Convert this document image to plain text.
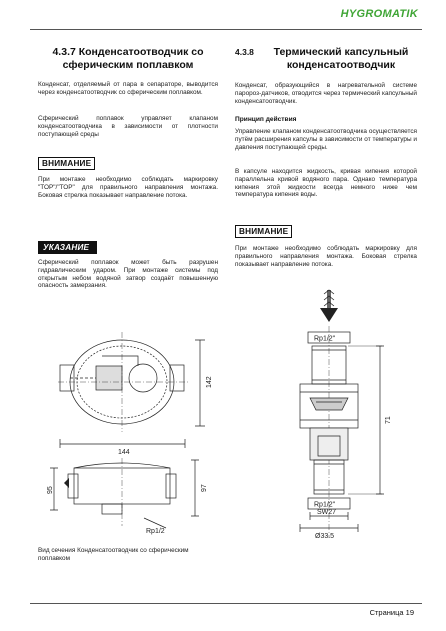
HYGRO MATIK
4.3.7 Конденсатоотводчик со сферическим поплавком
Конденсат, отделяемый от пара в сепараторе, выводится через конденсатоотводчик со сферическим поплавком.
Сферический поплавок управляет клапаном конденсатоотводчика в зависимости от плотности поступающей среды
ВНИМАНИЕ
При монтаже необходимо соблюдать маркировку "TOP"/"ТОР" для правильного направления монтажа. Боковая стрелка показывает направление потока.
УКАЗАНИЕ
Сферический поплавок может быть разрушен гидравлическим ударом. При монтаже системы под открытым небом водяной затвор создаёт повышенную опасность замерзания.
4.3.8 Термический капсульный конденсатоотводчик
Конденсат, образующийся в нагревательной системе паророз-датчиков, отводится через термический капсульный конденсатоотводчик.
Принцип действия
Управление клапаном конденсатоотводчика осуществляется путём расширения капсулы в зависимости от температуры и давления поступающей среды.
В капсуле находится жидкость, кривая кипения которой параллельна кривой водяного пара. Однако температура кипения этой жидкости всегда немного ниже чем температура кипения воды.
ВНИМАНИЕ
При монтаже необходимо соблюдать маркировку для правильного направления монтажа. Боковая стрелка показывает направление потока.
144
142
95	97
Rp1/2
Вид сечения Конденсатоотводчик со сферическим поплавком
Rp1/2"
Rp1/2"
71
SW27
Ø33.5
Страница 19
